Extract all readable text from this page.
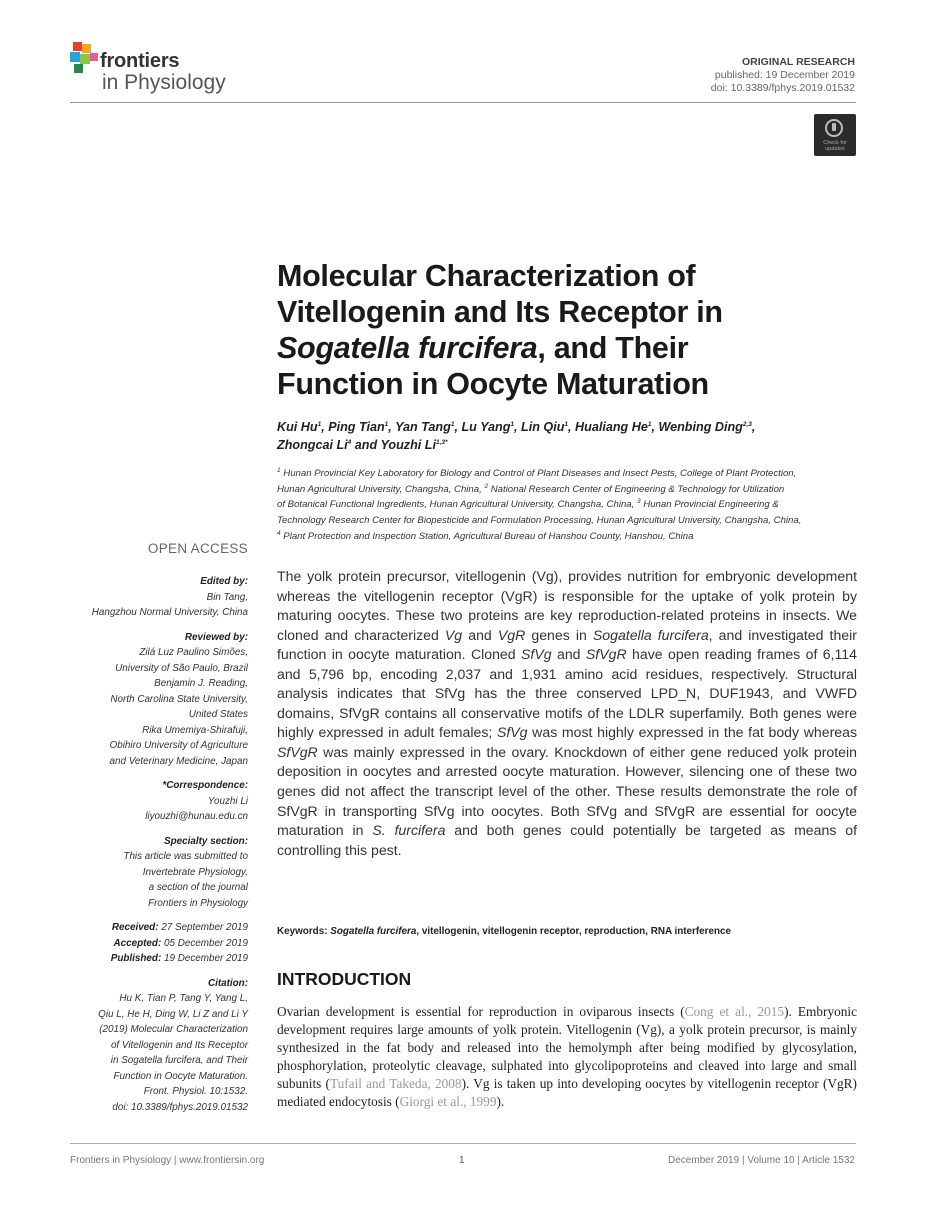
frontiers
in Physiology
ORIGINAL RESEARCH
published: 19 December 2019
doi: 10.3389/fphys.2019.01532
Check for
updates
Molecular Characterization of
Vitellogenin and Its Receptor in
Sogatella furcifera, and Their
Function in Oocyte Maturation
Kui Hu$^1$, Ping Tian$^1$, Yan Tang$^1$, Lu Yang$^1$, Lin Qiu$^1$, Hualiang He$^1$, Wenbing Ding$^{2,3}$,
Zhongcai Li$^4$ and Youzhi $Li^{1,3*}$
$^1$ Hunan Provincial Key Laboratory for Biology and Control of Plant Diseases and Insect Pests, College of Plant Protection,
Hunan Agricultural University, Changsha, China, $^2$ National Research Center of Engineering & Technology for Utilization
of Botanical Functional Ingredients, Hunan Agricultural University, Changsha, China, $^3$ Hunan Provincial Engineering &
Technology Research Center for Biopesticide and Formulation Processing, Hunan Agricultural University, Changsha, China,
$^4$ Plant Protection and Inspection Station, Agricultural Bureau of Hanshou County, Hanshou, China
OPEN ACCESS
Edited by:
Bin Tang,
Hangzhou Normal University, China
Reviewed by:
Zilá Luz Paulino Simões,
University of São Paulo, Brazil
Benjamin J. Reading,
North Carolina State University,
United States
Rika Umemiya-Shirafuji,
Obihiro University of Agriculture
and Veterinary Medicine, Japan
*Correspondence:
Youzhi Li
liyouzhi@hunau.edu.cn
Specialty section:
This article was submitted to
Invertebrate Physiology,
a section of the journal
Frontiers in Physiology
Received: 27 September 2019
Accepted: 05 December 2019
Published: 19 December 2019
Citation:
Hu K, Tian P, Tang Y, Yang L,
Qiu L, He H, Ding W, Li Z and Li Y
(2019) Molecular Characterization
of Vitellogenin and Its Receptor
in Sogatella furcifera, and Their
Function in Oocyte Maturation.
Front. Physiol. 10:1532.
doi: 10.3389/fphys.2019.01532
The yolk protein precursor, vitellogenin (Vg), provides nutrition for embryonic development whereas the vitellogenin receptor (VgR) is responsible for the uptake of yolk protein by maturing oocytes. These two proteins are key reproduction-related proteins in insects. We cloned and characterized Vg and VgR genes in Sogatella furcifera, and investigated their function in oocyte maturation. Cloned SfVg and SfVgR have open reading frames of 6,114 and 5,796 bp, encoding 2,037 and 1,931 amino acid residues, respectively. Structural analysis indicates that SfVg has the three conserved LPD_N, DUF1943, and VWFD domains, SfVgR contains all conservative motifs of the LDLR superfamily. Both genes were highly expressed in adult females; SfVg was most highly expressed in the fat body whereas SfVgR was mainly expressed in the ovary. Knockdown of either gene reduced yolk protein deposition in oocytes and arrested oocyte maturation. However, silencing one of these two genes did not affect the transcript level of the other. These results demonstrate the role of SfVgR in transporting SfVg into oocytes. Both SfVg and SfVgR are essential for oocyte maturation in S. furcifera and both genes could potentially be targeted as means of controlling this pest.
Keywords: Sogatella furcifera, vitellogenin, vitellogenin receptor, reproduction, RNA interference
INTRODUCTION
Ovarian development is essential for reproduction in oviparous insects (Cong et al., 2015). Embryonic development requires large amounts of yolk protein. Vitellogenin (Vg), a yolk protein precursor, is mainly synthesized in the fat body and released into the hemolymph after being modified by glycosylation, phosphorylation, proteolytic cleavage, sulphated into glycolipoproteins and cleaved into large and small subunits (Tufail and Takeda, 2008). Vg is taken up into developing oocytes by vitellogenin receptor (VgR) mediated endocytosis (Giorgi et al., 1999).
Frontiers in Physiology | www.frontiersin.org	1	December 2019 | Volume 10 | Article 1532
